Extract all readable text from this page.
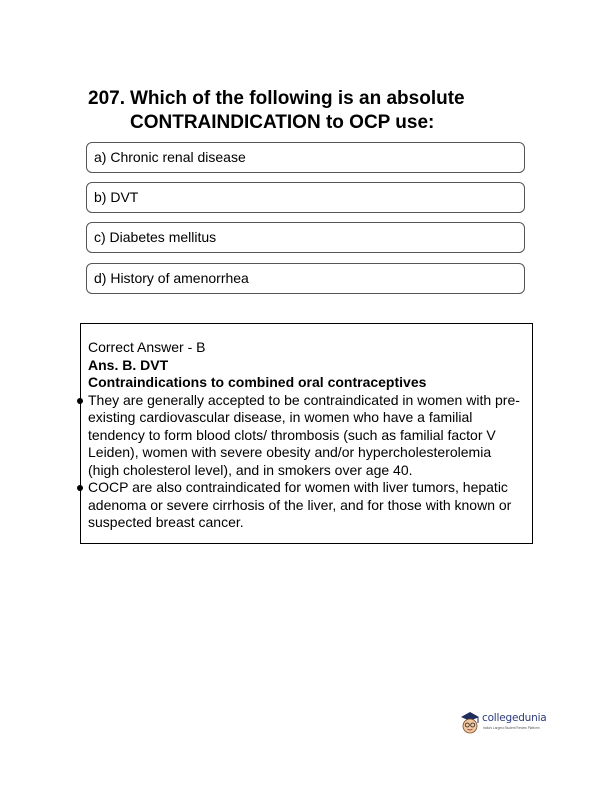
207. Which of the following is an absolute
CONTRAINDICATION to OCP use:
a) Chronic renal disease
b) DVT
c) Diabetes mellitus
d) History of amenorrhea
Correct Answer - B
Ans. B. DVT
Contraindications to combined oral contraceptives
They are generally accepted to be contraindicated in women with pre-existing cardiovascular disease, in women who have a familial tendency to form blood clots/ thrombosis (such as familial factor V Leiden), women with severe obesity and/or hypercholesterolemia (high cholesterol level), and in smokers over age 40.
COCP are also contraindicated for women with liver tumors, hepatic adenoma or severe cirrhosis of the liver, and for those with known or suspected breast cancer.
collegedunia
India's Largest Student Review Platform
